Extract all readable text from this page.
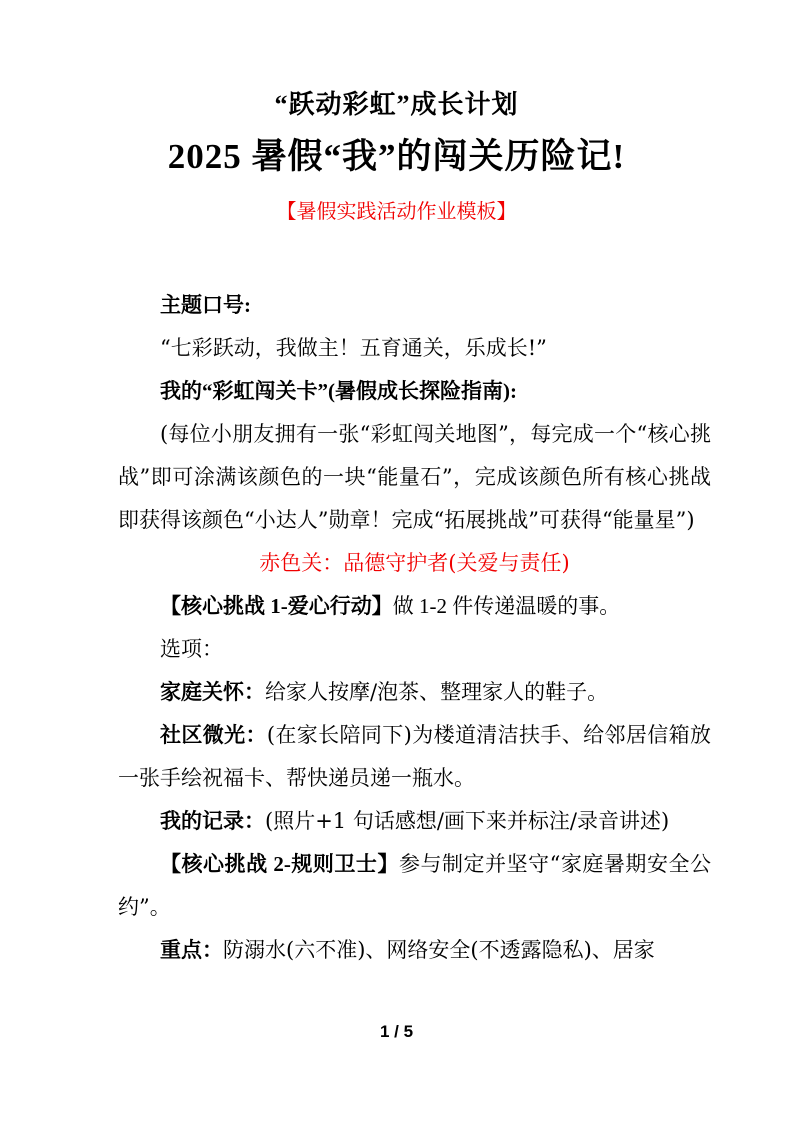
“跃动彩虹”成长计划
2025 暑假“我”的闯关历险记!
【暑假实践活动作业模板】

主题口号:

“七彩跃动，我做主！五育通关，乐成长!”

我的“彩虹闯关卡”(暑假成长探险指南):

(每位小朋友拥有一张“彩虹闯关地图”，每完成一个“核心挑战”即可涂满该颜色的一块“能量石”，完成该颜色所有核心挑战即获得该颜色“小达人”勋章！完成“拓展挑战”可获得“能量星”)

赤色关：品德守护者(关爱与责任)

【核心挑战 1-爱心行动】做 1-2 件传递温暖的事。

选项：

家庭关怀：给家人按摩/泡茶、整理家人的鞋子。

社区微光：(在家长陪同下)为楼道清洁扶手、给邻居信箱放一张手绘祝福卡、帮快递员递一瓶水。

我的记录：(照片+1 句话感想/画下来并标注/录音讲述)

【核心挑战 2-规则卫士】参与制定并坚守“家庭暑期安全公约”。

重点：防溺水(六不准)、网络安全(不透露隐私)、居家

1 / 5
